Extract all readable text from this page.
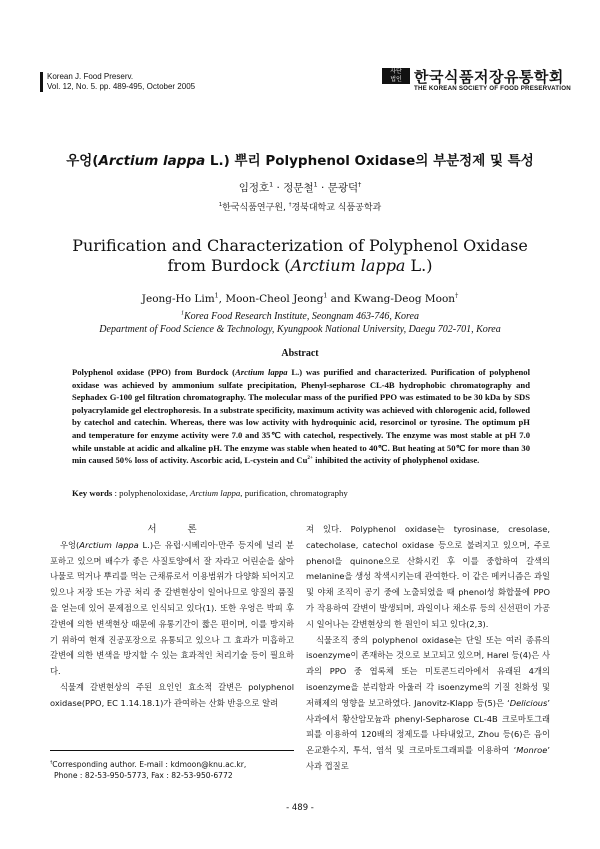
Korean J. Food Preserv.
Vol. 12, No. 5. pp. 489-495, October 2005
사단
법인 한국식품저장유통학회
THE KOREAN SOCIETY OF FOOD PRESERVATION
우엉(Arctium lappa L.) 뿌리 Polyphenol Oxidase의 부분정제 및 특성
임정호$^1$ · 정문철$^1$ · 문광덕†
$^1$한국식품연구원, †경북대학교 식품공학과
Purification and Characterization of Polyphenol Oxidase
from Burdock (Arctium lappa L.)
Jeong-Ho Lim$^1$, Moon-Cheol Jeong$^1$ and Kwang-Deog Moon†
$^1$Korea Food Research Institute, Seongnam 463-746, Korea
Department of Food Science & Technology, Kyungpook National University, Daegu 702-701, Korea
Abstract
Polyphenol oxidase (PPO) from Burdock (Arctium lappa L.) was purified and characterized. Purification of polyphenol oxidase was achieved by ammonium sulfate precipitation, Phenyl-sepharose CL-4B hydrophobic chromatography and Sephadex G-100 gel filtration chromatography. The molecular mass of the purified PPO was estimated to be 30 kDa by SDS polyacrylamide gel electrophoresis. In a substrate specificity, maximum activity was achieved with chlorogenic acid, followed by catechol and catechin. Whereas, there was low activity with hydroquinic acid, resorcinol or tyrosine. The optimum pH and temperature for enzyme activity were 7.0 and 35℃ with catechol, respectively. The enzyme was most stable at pH 7.0 while unstable at acidic and alkaline pH. The enzyme was stable when heated to 40℃. But heating at 50℃ for more than 30 min caused 50% loss of activity. Ascorbic acid, L-cystein and $Cu^{2+}$ inhibited the activity of pholyphenol oxidase.
Key words : polyphenoloxidase, Arctium lappa, purification, chromatography

서 론

우엉(Arctium lappa L.)은 유럽·시베리아·만주 등지에 널리 분포하고 있으며 배수가 좋은 사질토양에서 잘 자라고 어린순을 삶아 나물로 먹거나 뿌리를 먹는 근채류로서 이용범위가 다양화 되어지고 있으나 저장 또는 가공 처리 중 갈변현상이 일어나므로 양질의 품질을 얻는데 있어 문제점으로 인식되고 있다(1). 또한 우엉은 박피 후 갈변에 의한 변색현상 때문에 유통기간이 짧은 편이며, 이를 방지하기 위하여 현재 진공포장으로 유통되고 있으나 그 효과가 미흡하고 갈변에 의한 변색을 방지할 수 있는 효과적인 처리기술 등이 필요하다.

식물계 갈변현상의 주된 요인인 효소적 갈변은 polyphenol oxidase(PPO, EC 1.14.18.1)가 관여하는 산화 반응으로 알려

져 있다. Polyphenol oxidase는 tyrosinase, cresolase, catecholase, catechol oxidase 등으로 불려지고 있으며, 주로 phenol을 quinone으로 산화시킨 후 이를 중합하여 갈색의 melanine을 생성 착색시키는데 관여한다. 이 같은 메커니즘은 과일 및 야채 조직이 공기 중에 노출되었을 때 phenol성 화합물에 PPO가 작용하여 갈변이 발생되며, 과일이나 채소류 등의 신선편이 가공 시 일어나는 갈변현상의 한 원인이 되고 있다(2,3).

식물조직 중의 polyphenol oxidase는 단일 또는 여러 종류의 isoenzyme이 존재하는 것으로 보고되고 있으며, Harel 등(4)은 사과의 PPO 중 엽록체 또는 미토콘드리아에서 유래된 4개의 isoenzyme을 분리함과 아울러 각 isoenzyme의 기질 친화성 및 저해제의 영향을 보고하였다. Janovitz-Klapp 등(5)은 ‘Delicious’ 사과에서 황산암모늄과 phenyl-Sepharose CL-4B 크로마토그래피를 이용하여 120배의 정제도를 나타내었고, Zhou 등(6)은 음이온교환수지, 투석, 염석 및 크로마토그래피를 이용하여 ‘Monroe’ 사과 껍질로

†Corresponding author. E-mail : kdmoon@knu.ac.kr,
Phone : 82-53-950-5773, Fax : 82-53-950-6772
- 489 -
